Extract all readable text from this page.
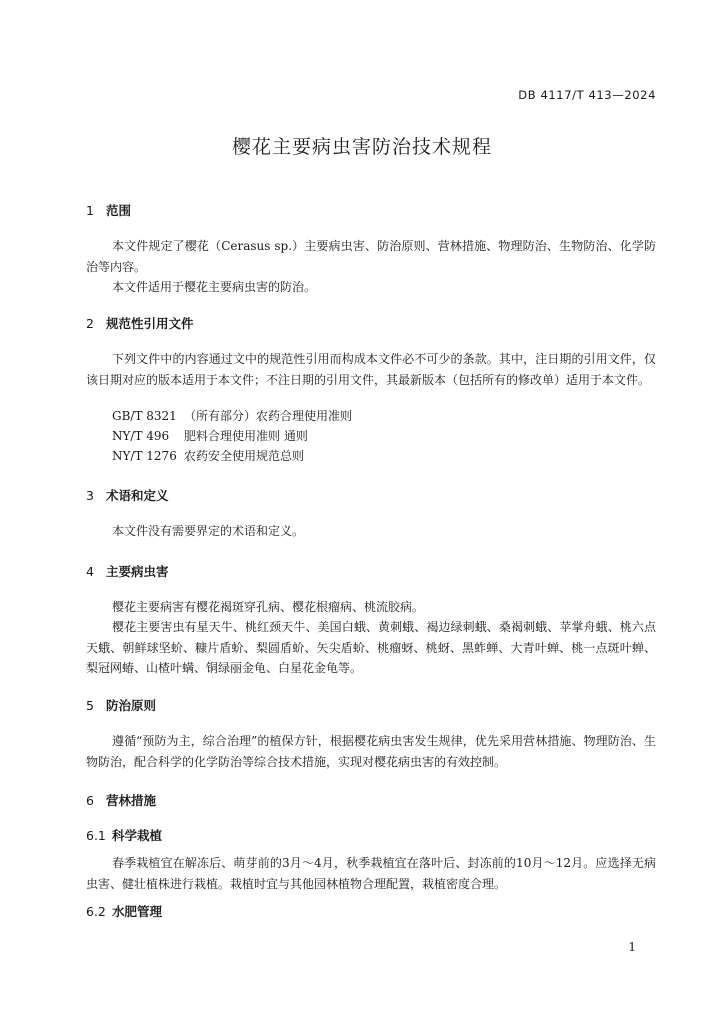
DB 4117/T 413—2024
樱花主要病虫害防治技术规程
1 范围
本文件规定了樱花（Cerasus sp.）主要病虫害、防治原则、营林措施、物理防治、生物防治、化学防治等内容。
本文件适用于樱花主要病虫害的防治。
2 规范性引用文件
下列文件中的内容通过文中的规范性引用而构成本文件必不可少的条款。其中，注日期的引用文件，仅该日期对应的版本适用于本文件；不注日期的引用文件，其最新版本（包括所有的修改单）适用于本文件。
GB/T 8321 （所有部分）农药合理使用准则
NY/T 496 肥料合理使用准则 通则
NY/T 1276 农药安全使用规范总则
3 术语和定义
本文件没有需要界定的术语和定义。
4 主要病虫害
樱花主要病害有樱花褐斑穿孔病、樱花根瘤病、桃流胶病。
樱花主要害虫有星天牛、桃红颈天牛、美国白蛾、黄刺蛾、褐边绿刺蛾、桑褐刺蛾、苹掌舟蛾、桃六点天蛾、朝鲜球坚蚧、糠片盾蚧、梨圆盾蚧、矢尖盾蚧、桃瘤蚜、桃蚜、黑蚱蝉、大青叶蝉、桃一点斑叶蝉、梨冠网蝽、山楂叶螨、铜绿丽金龟、白星花金龟等。
5 防治原则
遵循“预防为主，综合治理”的植保方针，根据樱花病虫害发生规律，优先采用营林措施、物理防治、生物防治，配合科学的化学防治等综合技术措施，实现对樱花病虫害的有效控制。
6 营林措施
6.1 科学栽植
春季栽植宜在解冻后、萌芽前的3月～4月，秋季栽植宜在落叶后、封冻前的10月～12月。应选择无病虫害、健壮植株进行栽植。栽植时宜与其他园林植物合理配置，栽植密度合理。
6.2 水肥管理
1
